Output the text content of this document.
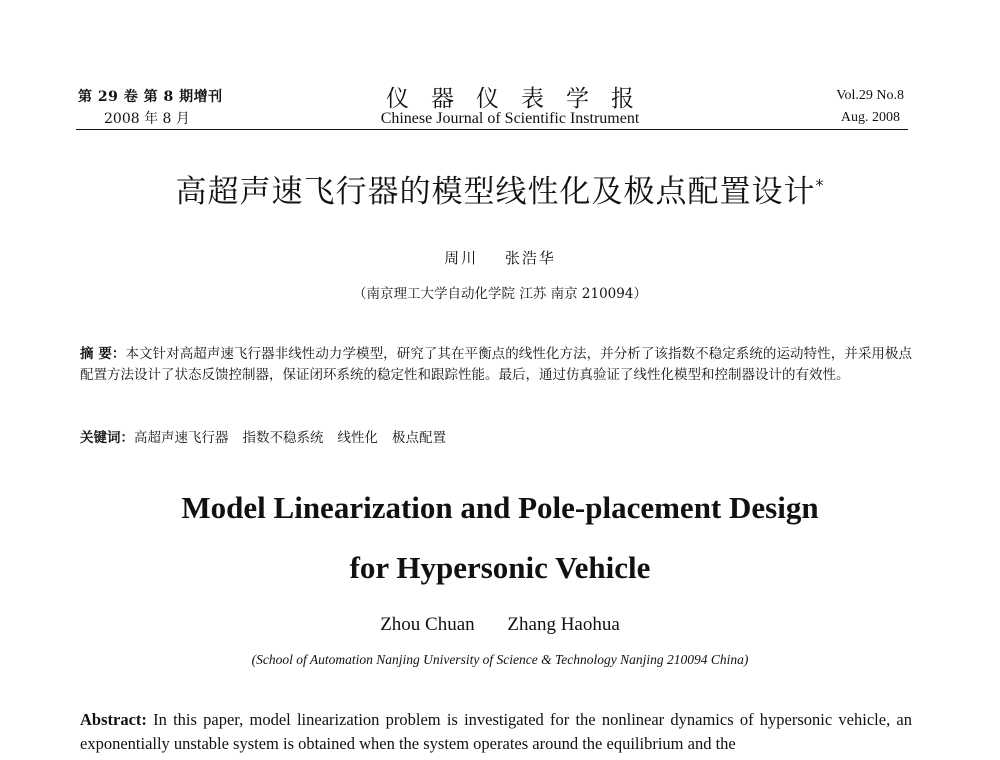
第 29 卷 第 8 期增刊
2008 年 8 月
仪器仪表学报
Chinese Journal of Scientific Instrument
Vol.29 No.8
Aug. 2008
高超声速飞行器的模型线性化及极点配置设计*
周川 张浩华
（南京理工大学自动化学院 江苏 南京 210094）
摘 要：本文针对高超声速飞行器非线性动力学模型，研究了其在平衡点的线性化方法，并分析了该指数不稳定系统的运动特性，并采用极点配置方法设计了状态反馈控制器，保证闭环系统的稳定性和跟踪性能。最后，通过仿真验证了线性化模型和控制器设计的有效性。
关键词：高超声速飞行器 指数不稳系统 线性化 极点配置
Model Linearization and Pole-placement Design
for Hypersonic Vehicle
Zhou Chuan Zhang Haohua
(School of Automation Nanjing University of Science & Technology Nanjing 210094 China)
Abstract: In this paper, model linearization problem is investigated for the nonlinear dynamics of hypersonic vehicle, an exponentially unstable system is obtained when the system operates around the equilibrium and the
